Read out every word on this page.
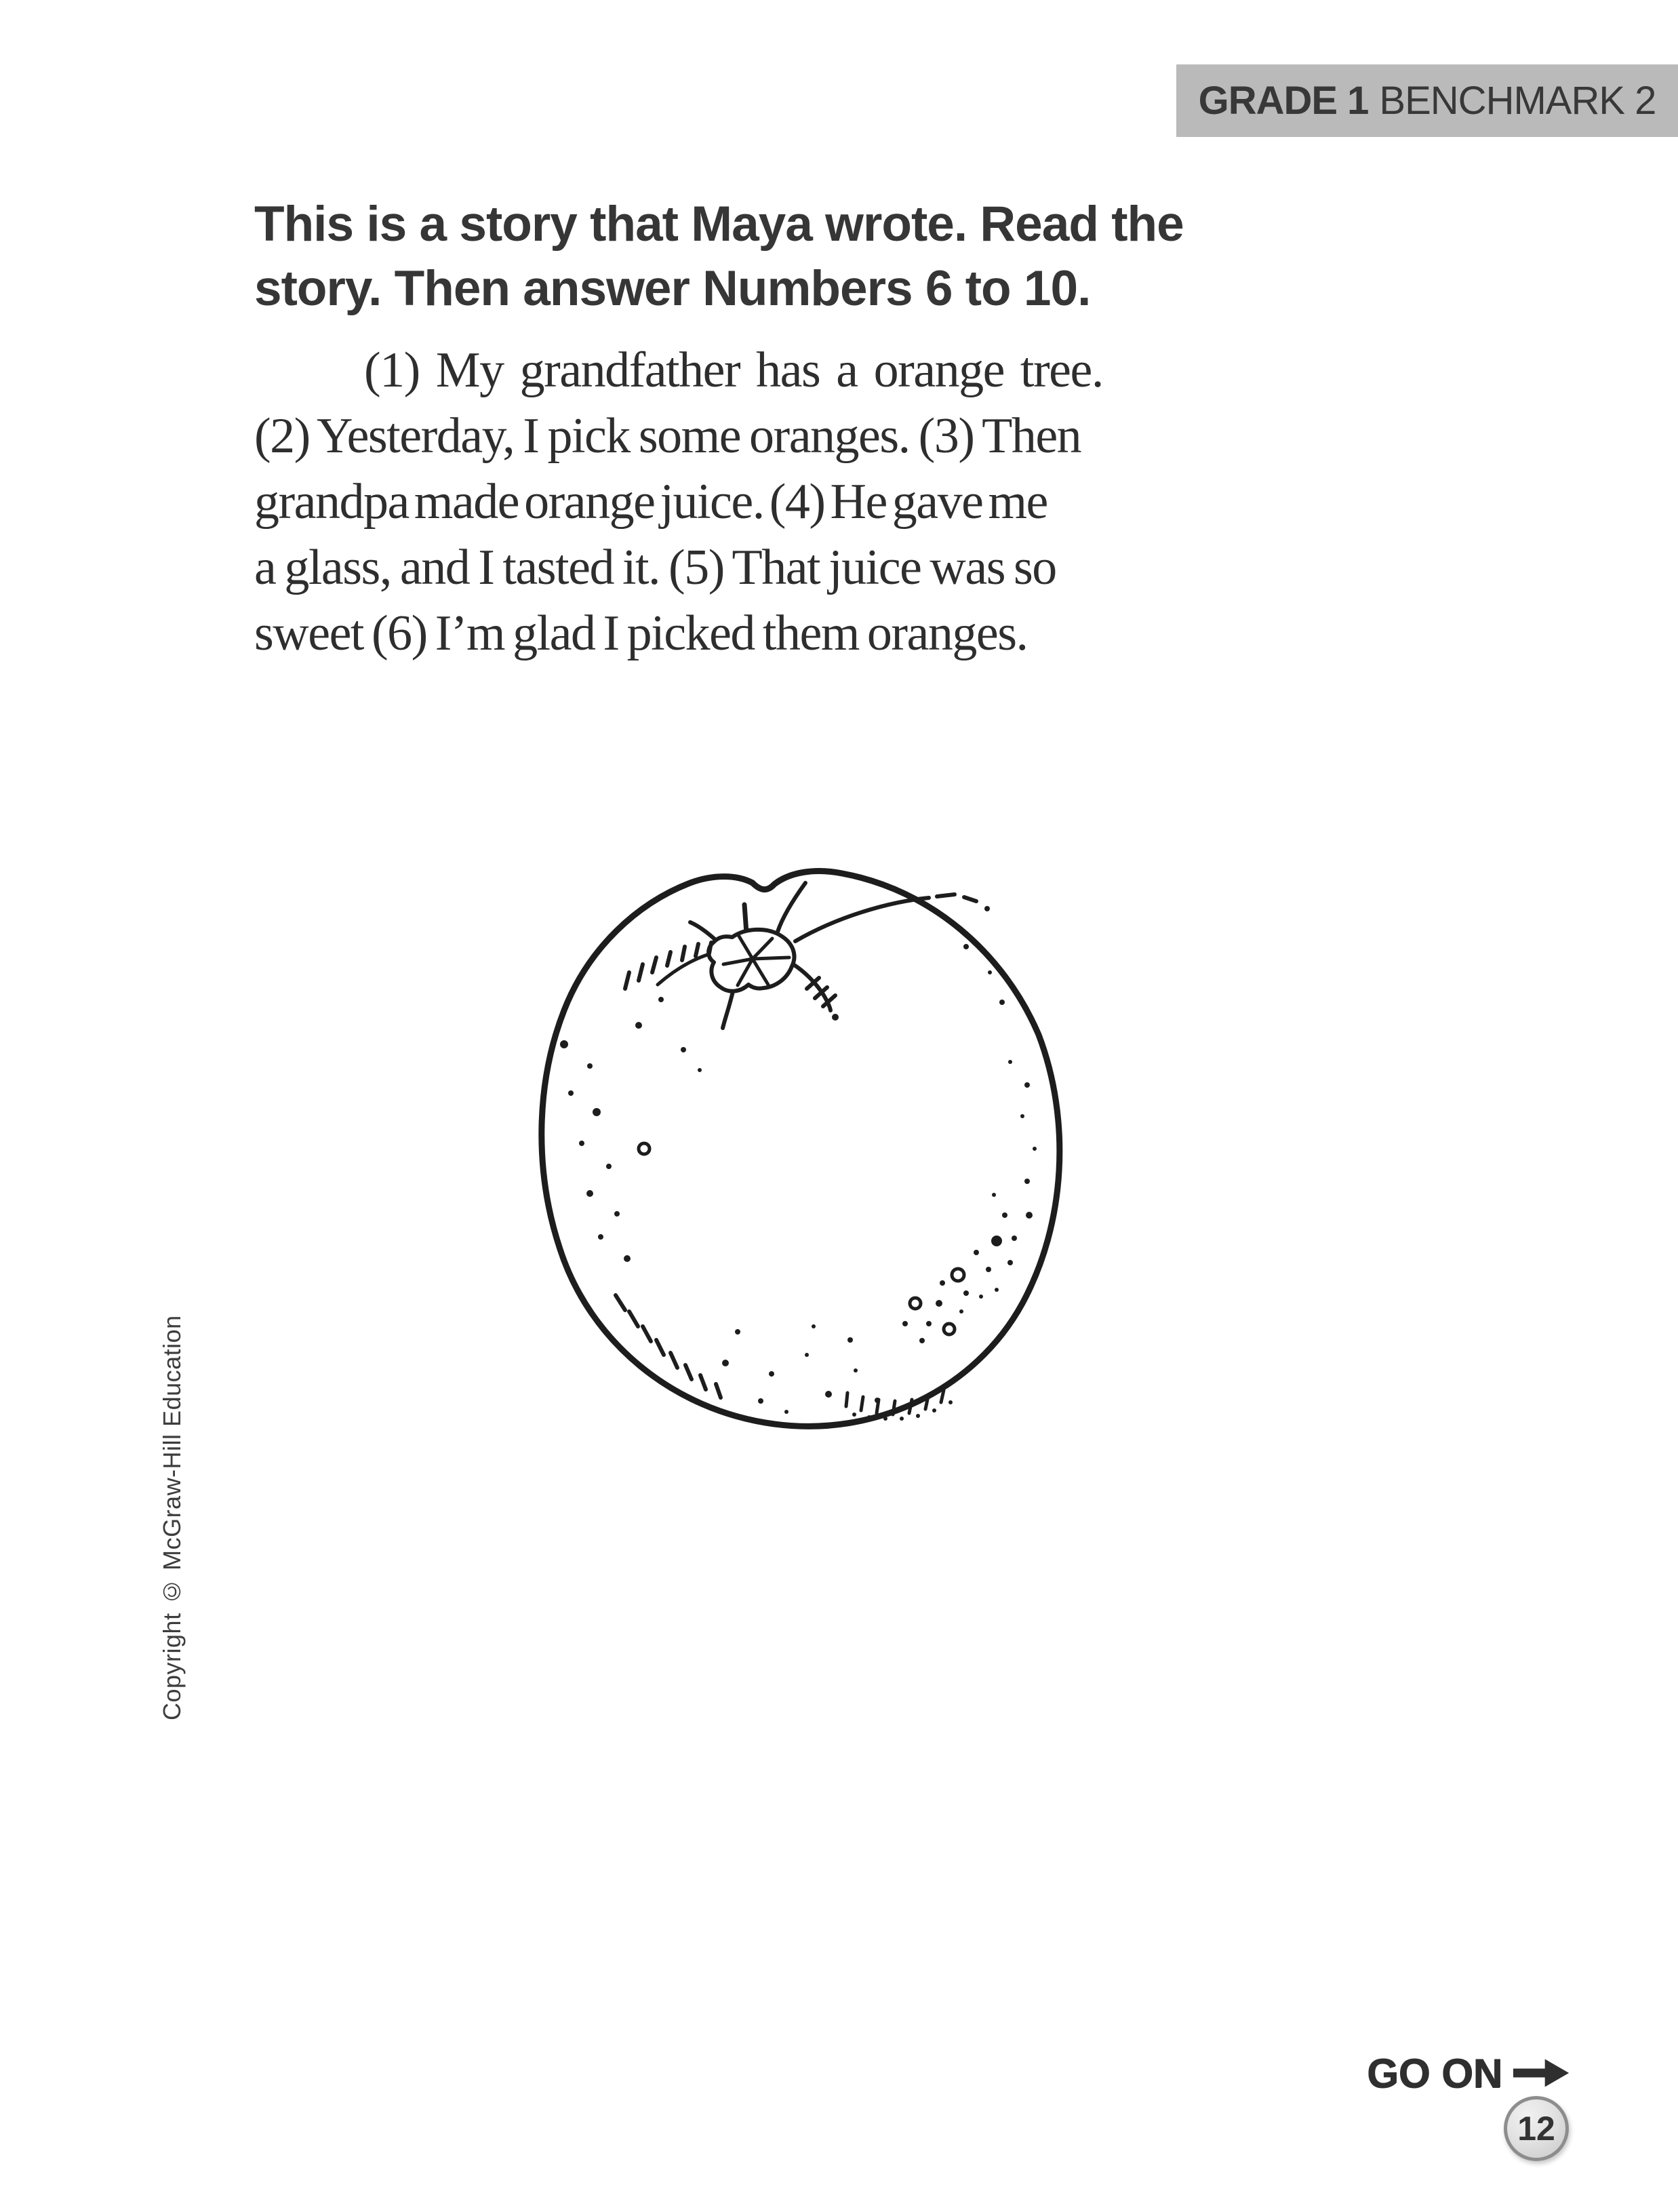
GRADE 1 BENCHMARK 2
This is a story that Maya wrote. Read the
story. Then answer Numbers 6 to 10.
(1) My grandfather has a orange tree.
(2) Yesterday, I pick some oranges. (3) Then
grandpa made orange juice. (4) He gave me
a glass, and I tasted it. (5) That juice was so
sweet (6) I’m glad I picked them oranges.
Copyright © McGraw-Hill Education
GO ON
12
